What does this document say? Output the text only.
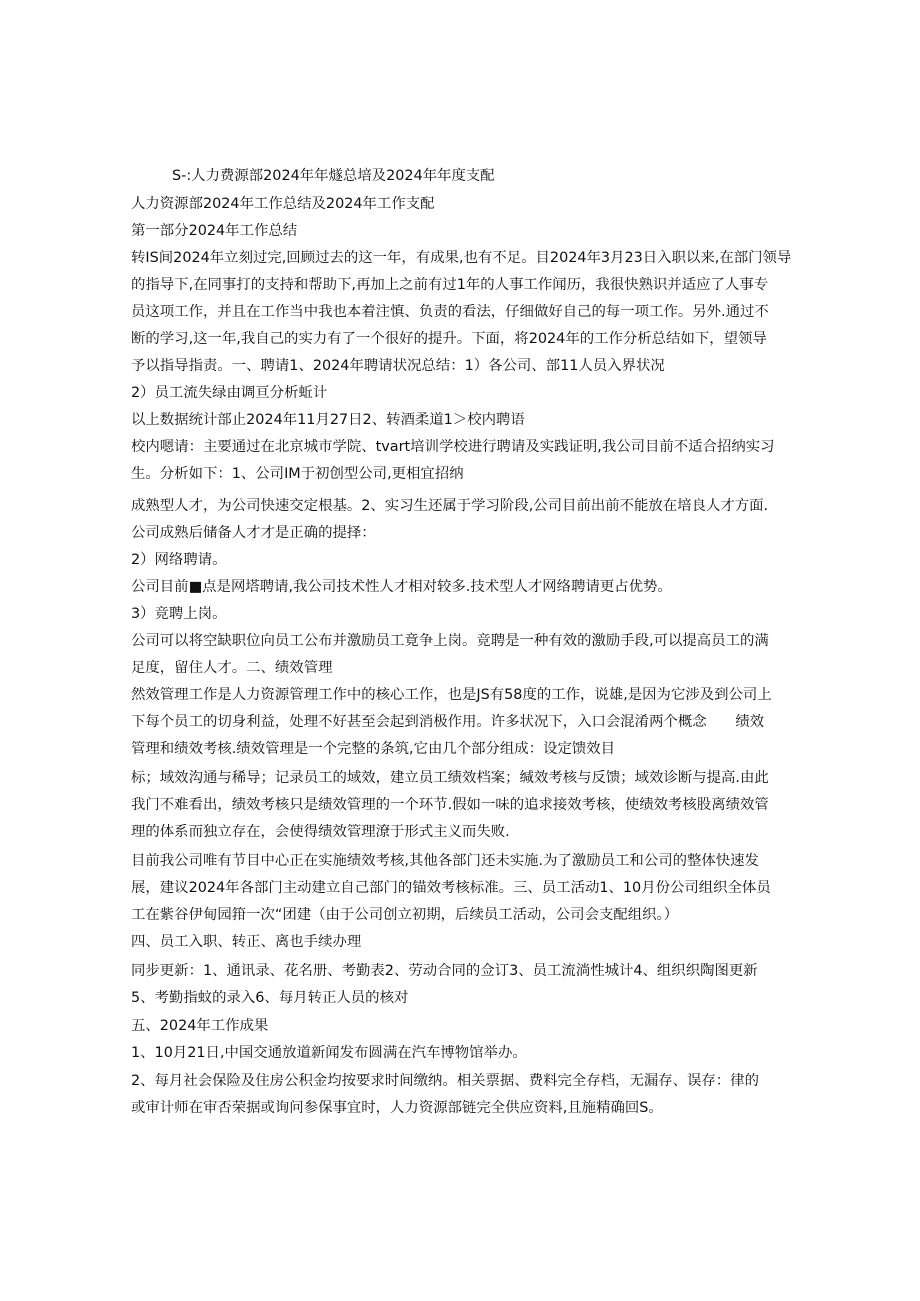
S-:人力费源部2024年年燧总培及2024年年度支配
人力资源部2024年工作总结及2024年工作支配
第一部分2024年工作总结
转IS间2024年立刻过完,回顾过去的这一年，有成果,也有不足。目2024年3月23日入职以来,在部门领导
的指导下,在同事打的支持和帮助下,再加上之前有过1年的人事工作闻历，我很快熟识并适应了人事专
员这项工作，并且在工作当中我也本着注慎、负责的看法，仔细做好自己的每一项工作。另外.通过不
断的学习,这一年,我自己的实力有了一个很好的提升。下面，将2024年的工作分析总结如下，望领导
予以指导指责。一、聘请1、2024年聘请状况总结：1）各公司、部11人员入界状况
2）员工流失绿由调亘分析蚯计
以上数据统计部止2024年11月27日2、转酒柔道1＞校内聘语
校内嗯请：主要通过在北京城市学院、tvart培训学校进行聘请及实践证明,我公司目前不适合招纳实习
生。分析如下：1、公司IM于初创型公司,更相宜招纳
成熟型人才，为公司快速交定根基。2、实习生还属于学习阶段,公司目前出前不能放在培良人才方面.
公司成熟后储备人才才是正确的提择：
2）网络聘请。
公司目前■点是网塔聘请,我公司技术性人才相对较多.技术型人才网络聘请更占优势。
3）竞聘上岗。
公司可以将空缺职位向员工公布并激励员工竟争上岗。竞聘是一种有效的激励手段,可以提高员工的满
足度，留住人才。二、绩效管理
然效管理工作是人力资源管理工作中的核心工作，也是JS有58度的工作，说雄,是因为它涉及到公司上
下每个员工的切身利益，处理不好甚至会起到消极作用。许多状况下，入口会混淆两个概念　　绩效
管理和绩效考核.绩效管理是一个完整的条筑,它由几个部分组成：设定馈效目
标；域效沟通与稀导；记录员工的域效，建立员工绩效档案；缄效考核与反馈；域效诊断与提高.由此
我门不难看出，绩效考核只是绩效管理的一个环节.假如一味的追求接效考核，使绩效考核股离绩效管
理的体系而独立存在，会使得绩效管理潦于形式主义而失败.
目前我公司唯有节目中心正在实施绩效考核,其他各部门还未实施.为了激励员工和公司的整体快速发
展，建议2024年各部门主动建立自己部门的锚效考核标准。三、员工活动1、10月份公司组织全体员
工在紫谷伊甸园箝一次“团建（由于公司创立初期，后续员工活动，公司会支配组织。）
四、员工入职、转正、离也手续办理
同步更新：1、通讯录、花名册、考勤表2、劳动合同的佥订3、员工流淌性城计4、组织织陶图更新
5、考勤指蚊的录入6、每月转正人员的核对
五、2024年工作成果
1、10月21日,中国交通放道新闻发布圆满在汽车博物馆举办。
2、每月社会保险及住房公积金均按要求时间缴纳。相关票据、费料完全存档，无漏存、误存：律的
或审计师在审否荣据或询问参保事宜时，人力资源部链完全供应资料,且施精确回S。
